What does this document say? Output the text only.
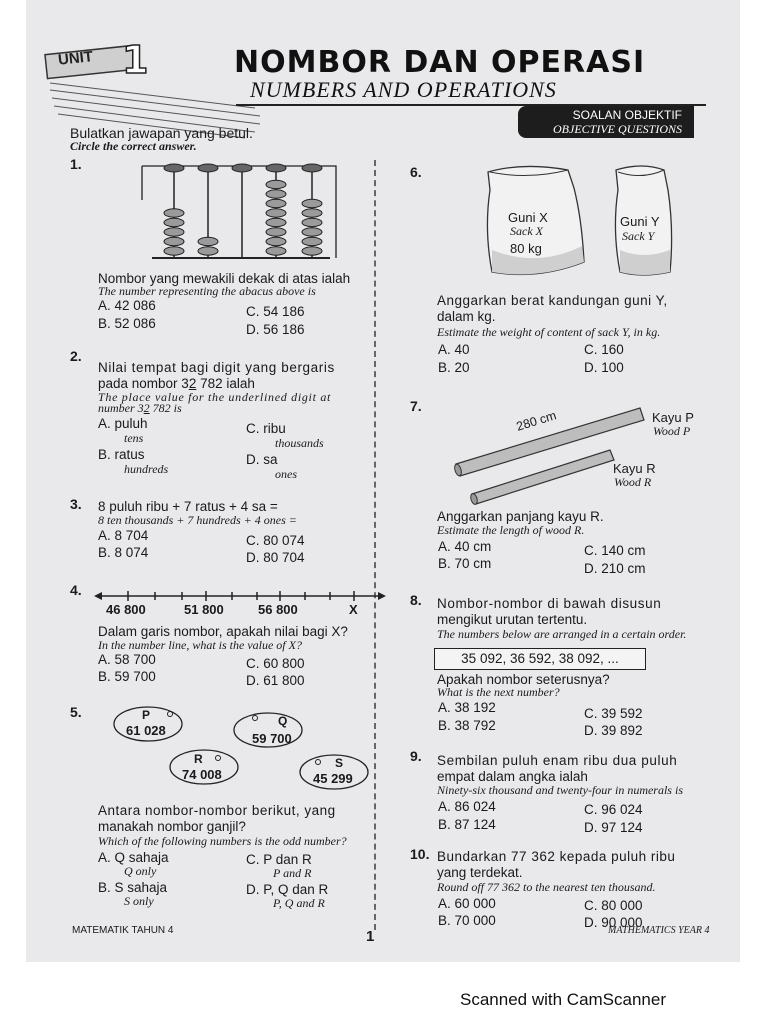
UNIT 1	NOMBOR DAN OPERASI
NUMBERS AND OPERATIONS
SOALAN OBJEKTIF
OBJECTIVE QUESTIONS
Bulatkan jawapan yang betul.
Circle the correct answer.
1.
Nombor yang mewakili dekak di atas ialah
The number representing the abacus above is
A. 42 086
B. 52 086
C. 54 186
D. 56 186
2.
Nilai tempat bagi digit yang bergaris
pada nombor 32 782 ialah
The place value for the underlined digit at
number 32 782 is
A. puluh
tens
B. ratus
hundreds
C. ribu
thousands
D. sa
ones
3. 8 puluh ribu + 7 ratus + 4 sa =
8 ten thousands + 7 hundreds + 4 ones =
A. 8 704
B. 8 074
C. 80 074
D. 80 704
4.
46 800	51 800	56 800	X
Dalam garis nombor, apakah nilai bagi X?
In the number line, what is the value of X?
A. 58 700
B. 59 700
C. 60 800
D. 61 800
5.	P
61 028
Q
59 700
R
74 008
S
45 299
Antara nombor-nombor berikut, yang
manakah nombor ganjil?
Which of the following numbers is the odd number?
A. Q sahaja
Q only
B. S sahaja
S only
C. P dan R
P and R
D. P, Q dan R
P, Q and R
6.
Guni X
Sack X
80 kg
Guni Y
Sack Y
Anggarkan berat kandungan guni Y,
dalam kg.
Estimate the weight of content of sack Y, in kg.
A. 40
B. 20
C. 160
D. 100
7.
280 cm	Kayu P
Wood P
Kayu R
Wood R
Anggarkan panjang kayu R.
Estimate the length of wood R.
A. 40 cm
B. 70 cm
C. 140 cm
D. 210 cm
8. Nombor-nombor di bawah disusun
mengikut urutan tertentu.
The numbers below are arranged in a certain order.
35 092, 36 592, 38 092, ...
Apakah nombor seterusnya?
What is the next number?
A. 38 192
B. 38 792
C. 39 592
D. 39 892
9. Sembilan puluh enam ribu dua puluh
empat dalam angka ialah
Ninety-six thousand and twenty-four in numerals is
A. 86 024
B. 87 124
C. 96 024
D. 97 124
10. Bundarkan 77 362 kepada puluh ribu
yang terdekat.
Round off 77 362 to the nearest ten thousand.
A. 60 000
B. 70 000
C. 80 000
D. 90 000
MATEMATIK TAHUN 4	1	MATHEMATICS YEAR 4
Scanned with CamScanner
